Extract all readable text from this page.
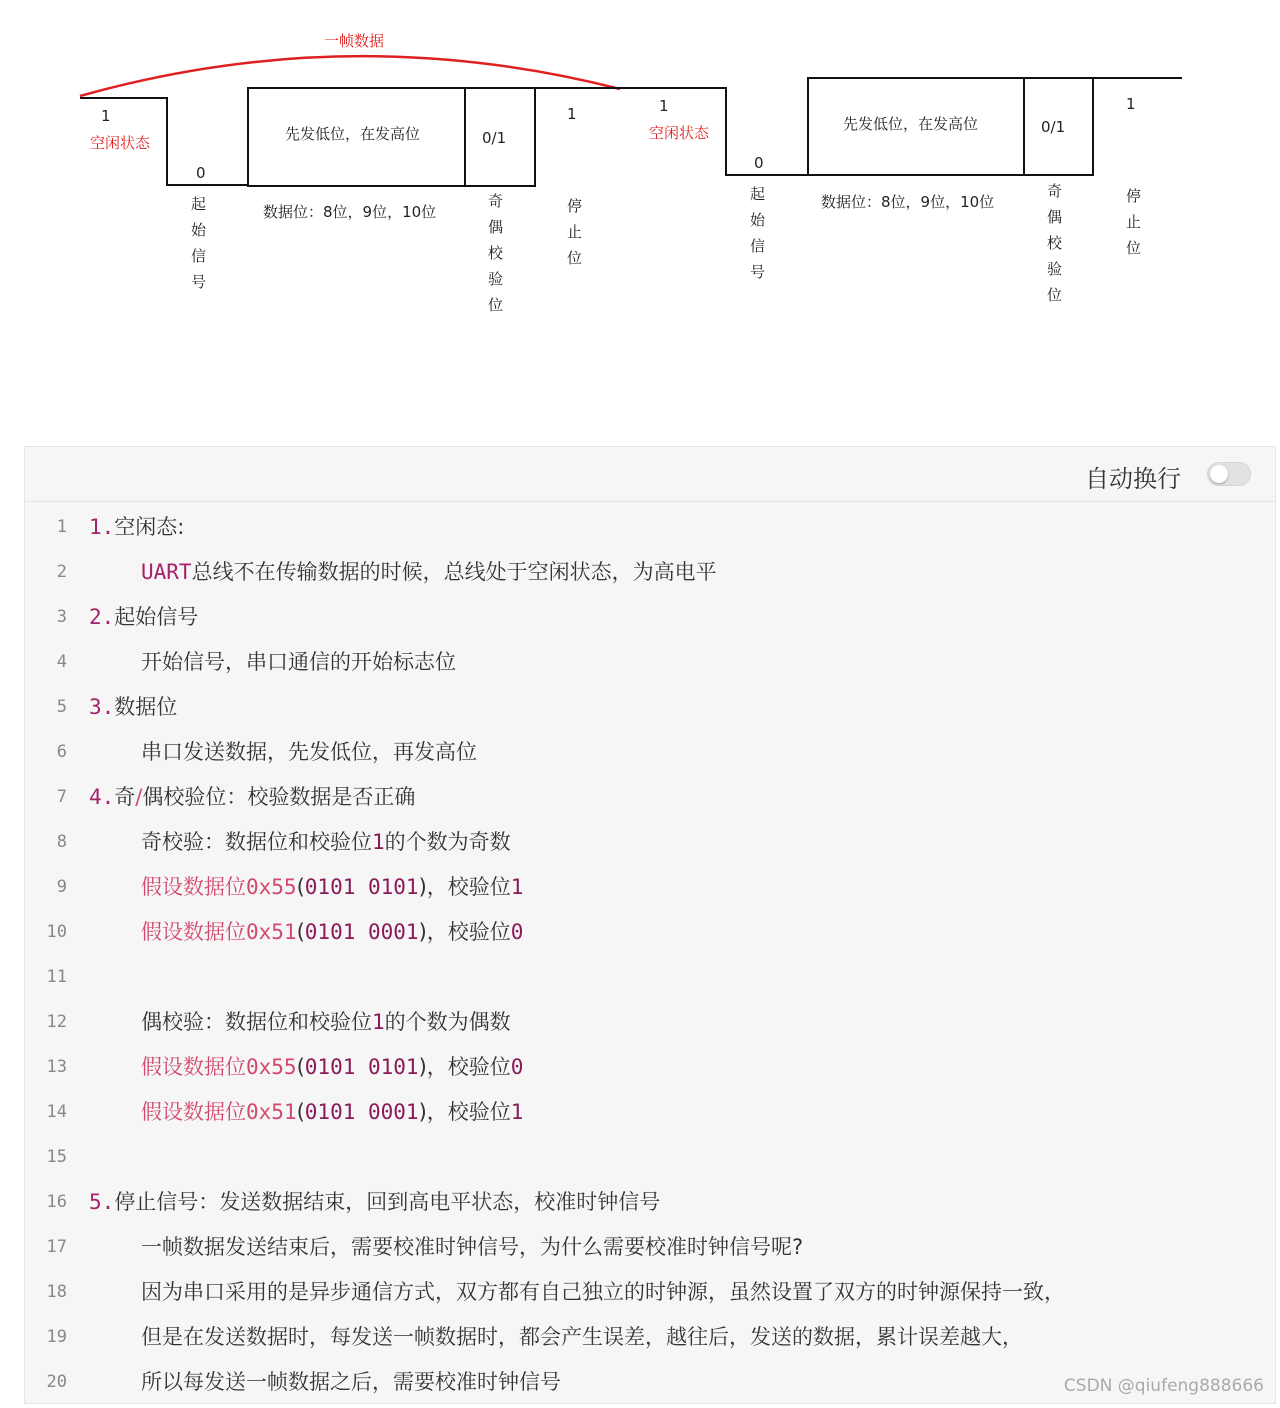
一帧数据
1
空闲状态
0
先发低位，在发高位	0/1
数据位：8位，9位，10位
1
起
始
信
号
奇
偶
校
验
位
停
止
位
1
空闲状态
0
先发低位，在发高位	0/1
数据位：8位，9位，10位
1
起
始
信
号
奇
偶
校
验
位
停
止
位
自动换行
1 1.空闲态:
2	UART总线不在传输数据的时候，总线处于空闲状态，为高电平
3 2.起始信号
4	开始信号，串口通信的开始标志位
5 3.数据位
6	串口发送数据，先发低位，再发高位
7 4.奇/偶校验位：校验数据是否正确
8	奇校验：数据位和校验位1的个数为奇数
9	假设数据位0x55(0101 0101)，校验位1
10	假设数据位0x51(0101 0001)，校验位0
11
12	偶校验：数据位和校验位1的个数为偶数
13	假设数据位0x55(0101 0101)，校验位0
14	假设数据位0x51(0101 0001)，校验位1
15
16 5.停止信号：发送数据结束，回到高电平状态，校准时钟信号
17	一帧数据发送结束后，需要校准时钟信号，为什么需要校准时钟信号呢?
18	因为串口采用的是异步通信方式，双方都有自己独立的时钟源，虽然设置了双方的时钟源保持一致，
19	但是在发送数据时，每发送一帧数据时，都会产生误差，越往后，发送的数据，累计误差越大，
20	所以每发送一帧数据之后，需要校准时钟信号	CSDN @qiufeng888666
